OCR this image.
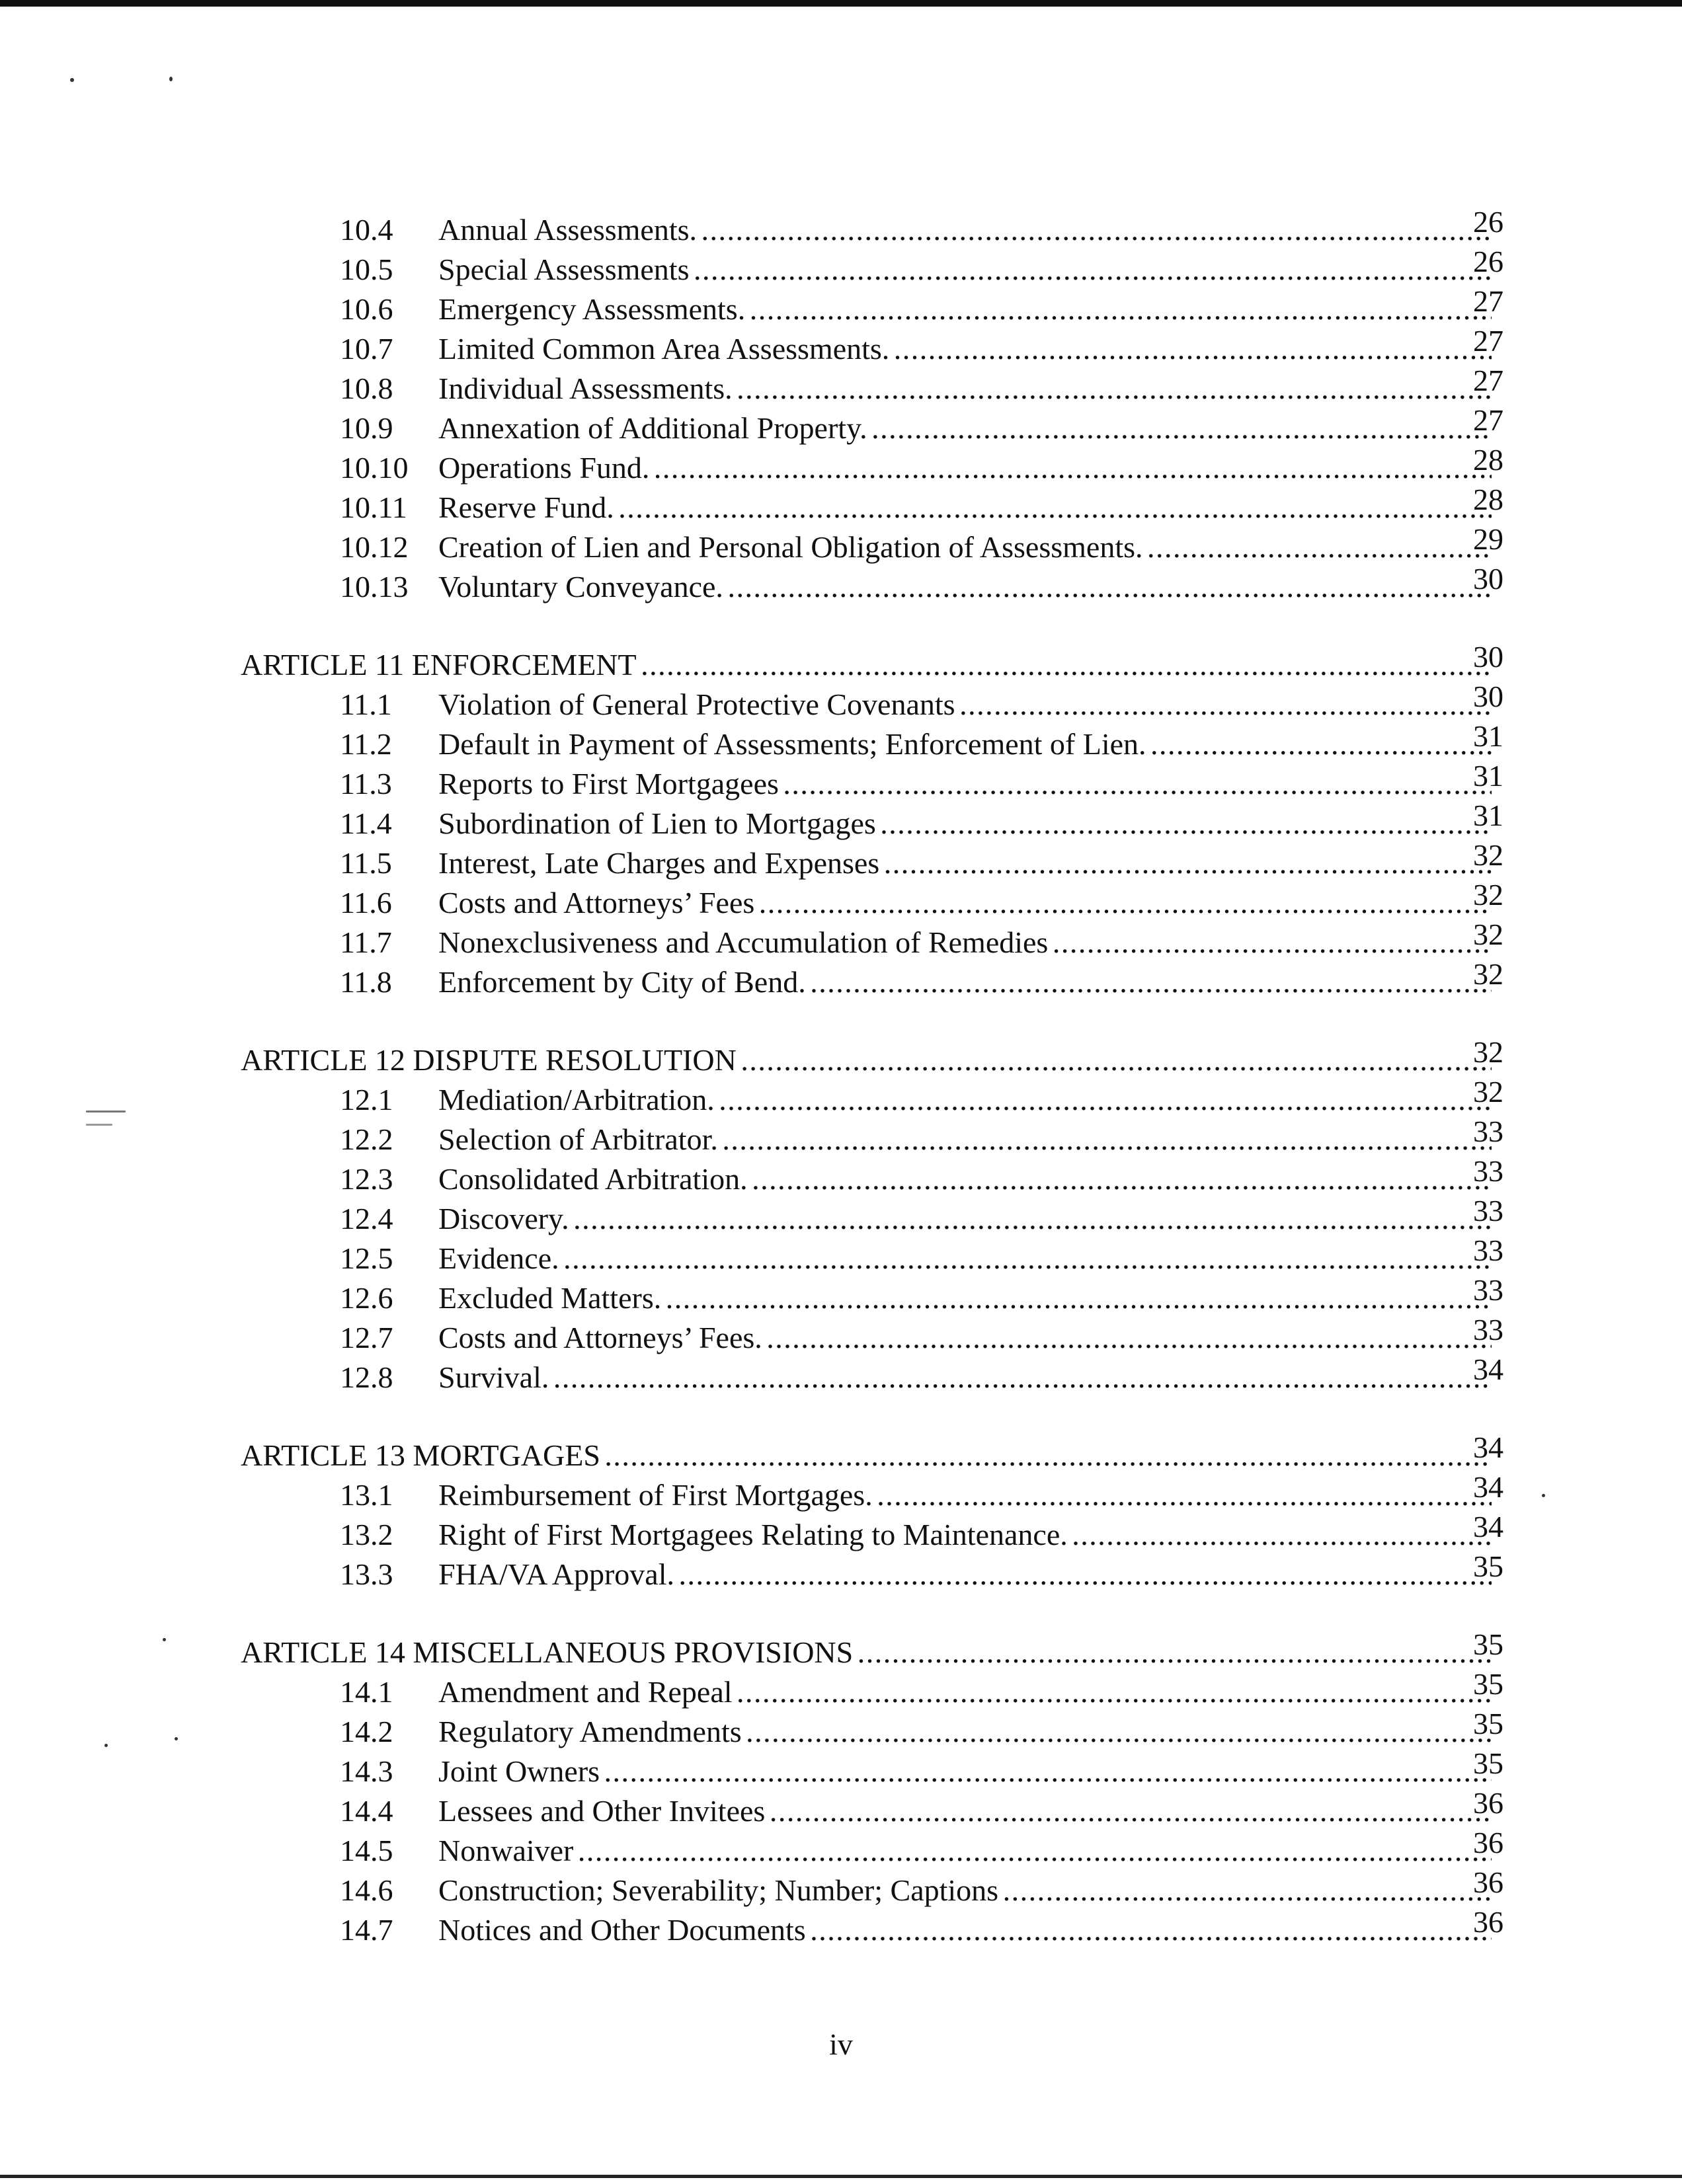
10.4 Annual Assessments. . . .	26
10.5 Special Assessments . . .	26
10.6 Emergency Assessments. . . .	27
10.7 Limited Common Area Assessments. . . .	27
10.8 Individual Assessments. . . .	27
10.9 Annexation of Additional Property. . . .	27
10.10 Operations Fund. . . .	28
10.11 Reserve Fund. . . .	28
10.12 Creation of Lien and Personal Obligation of Assessments. . . .	29
10.13 Voluntary Conveyance. . . .	30
ARTICLE 11 ENFORCEMENT . . .	30
11.1 Violation of General Protective Covenants . . .	30
11.2 Default in Payment of Assessments; Enforcement of Lien. . . .	31
11.3 Reports to First Mortgagees . . .	31
11.4 Subordination of Lien to Mortgages . . .	31
11.5 Interest, Late Charges and Expenses . . .	32
11.6 Costs and Attorneys’ Fees . . .	32
11.7 Nonexclusiveness and Accumulation of Remedies . . .	32
11.8 Enforcement by City of Bend. . . .	32
ARTICLE 12 DISPUTE RESOLUTION . . .	32
12.1 Mediation/Arbitration. . . .	32
12.2 Selection of Arbitrator. . . .	33
12.3 Consolidated Arbitration. . . .	33
12.4 Discovery. . . .	33
12.5 Evidence. . . .	33
12.6 Excluded Matters. . . .	33
12.7 Costs and Attorneys’ Fees. . . .	33
12.8 Survival. . . .	34
ARTICLE 13 MORTGAGES . . .	34
13.1 Reimbursement of First Mortgages. . . .	34
13.2 Right of First Mortgagees Relating to Maintenance. . . .	34
13.3 FHA/VA Approval. . . .	35
ARTICLE 14 MISCELLANEOUS PROVISIONS . . .	35
14.1 Amendment and Repeal . . .	35
14.2 Regulatory Amendments . . .	35
14.3 Joint Owners . . .	35
14.4 Lessees and Other Invitees . . .	36
14.5 Nonwaiver . . .	36
14.6 Construction; Severability; Number; Captions . . .	36
14.7 Notices and Other Documents . . .	36
iv
